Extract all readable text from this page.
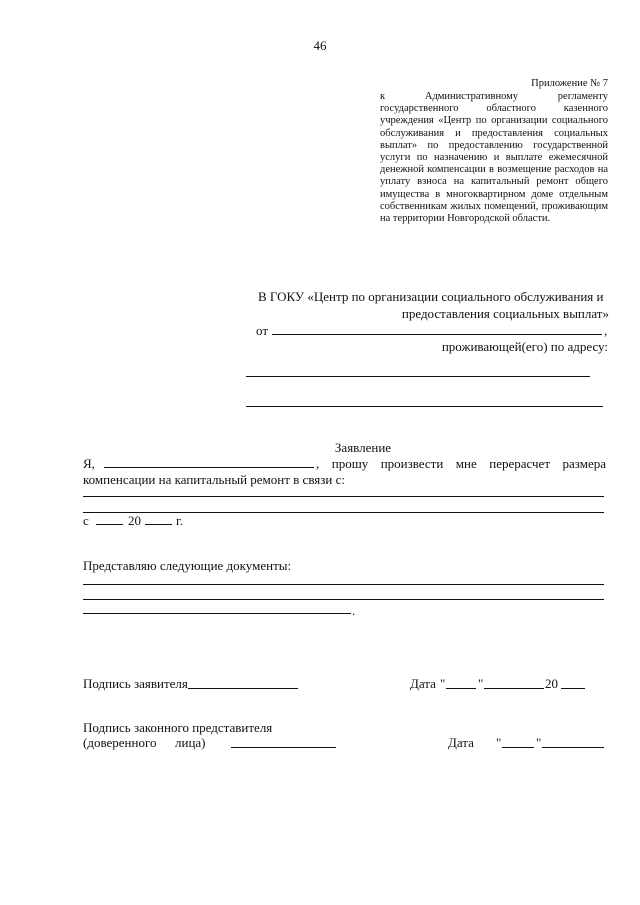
46
Приложение № 7
к Административному регламенту государственного областного казенного учреждения «Центр по организации социального обслуживания и предоставления социальных выплат» по предоставлению государственной услуги по назначению и выплате ежемесячной денежной компенсации в возмещение расходов на уплату взноса на капитальный ремонт общего имущества в многоквартирном доме отдельным собственникам жилых помещений, проживающим на территории Новгородской области.
В ГОКУ «Центр по организации социального обслуживания и
предоставления социальных выплат»
от	,
проживающей(его) по адресу:
Заявление
Я,	, прошу произвести мне перерасчет размера
компенсации на капитальный ремонт в связи с:
с	20	г.
Представляю следующие документы:
.
Подпись заявителя	Дата "	"	20
Подпись законного представителя
(доверенного лица)	Дата "	"
